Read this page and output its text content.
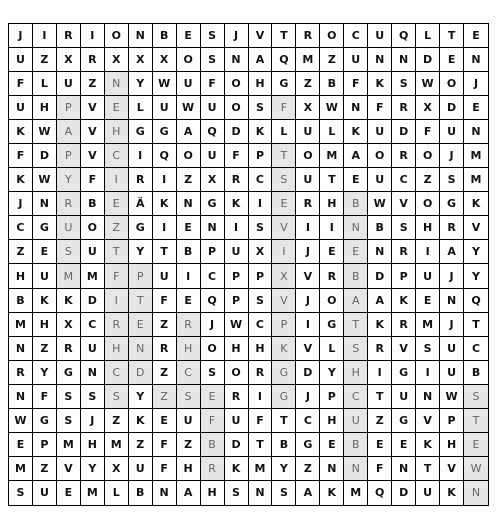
J	I	R	I	O	N	B	E	S	J	V	T	R	O	C	U	Q	L	T	E
U	Z	X	R	X	X	X	O	S	N	A	Q	M	Z	U	N	N	D	E	N
F	L	U	Z	N	Y	W	U	F	O	H	G	Z	B	F	K	S	W	O	J
U	H	P	V	E	L	U	W	U	O	S	F	X	W	N	F	R	X	D	E
K	W	A	V	H	G	G	A	Q	D	K	L	U	L	K	U	D	F	U	N
F	D	P	V	C	I	Q	O	U	F	P	T	O	M	A	O	R	O	J	M
K	W	Y	F	I	R	I	Z	X	R	C	S	U	T	E	U	C	Z	S	M
J	N	R	B	E	Ä	K	N	G	K	I	E	R	H	B	W	V	O	G	K
C	G	U	O	Z	G	I	E	N	I	S	V	I	I	N	B	S	H	R	V
Z	E	S	U	T	Y	T	B	P	U	X	I	J	E	E	N	R	I	A	Y
H	U	M	M	F	P	U	I	C	P	P	X	V	R	B	D	P	U	J	Y
B	K	K	D	I	T	F	E	Q	P	S	V	J	O	A	A	K	E	N	Q
M	H	X	C	R	E	Z	R	J	W	C	P	I	G	T	K	R	M	J	T
N	Z	R	U	H	N	R	H	O	H	H	K	V	L	S	R	V	S	U	C
R	Y	G	N	C	D	Z	C	S	O	R	G	D	Y	H	I	G	I	U	B
N	F	S	S	S	Y	Z	S	E	R	I	G	J	P	C	T	U	N	W	S
W	G	S	J	Z	K	E	U	F	U	F	T	C	H	U	Z	G	V	P	T
E	P	M	H	M	Z	F	Z	B	D	T	B	G	E	B	E	E	K	H	E
M	Z	V	Y	X	U	F	H	R	K	M	Y	Z	N	N	F	N	T	V	W
S	U	E	M	L	B	N	A	H	S	N	S	A	K	M	Q	D	U	K	N
